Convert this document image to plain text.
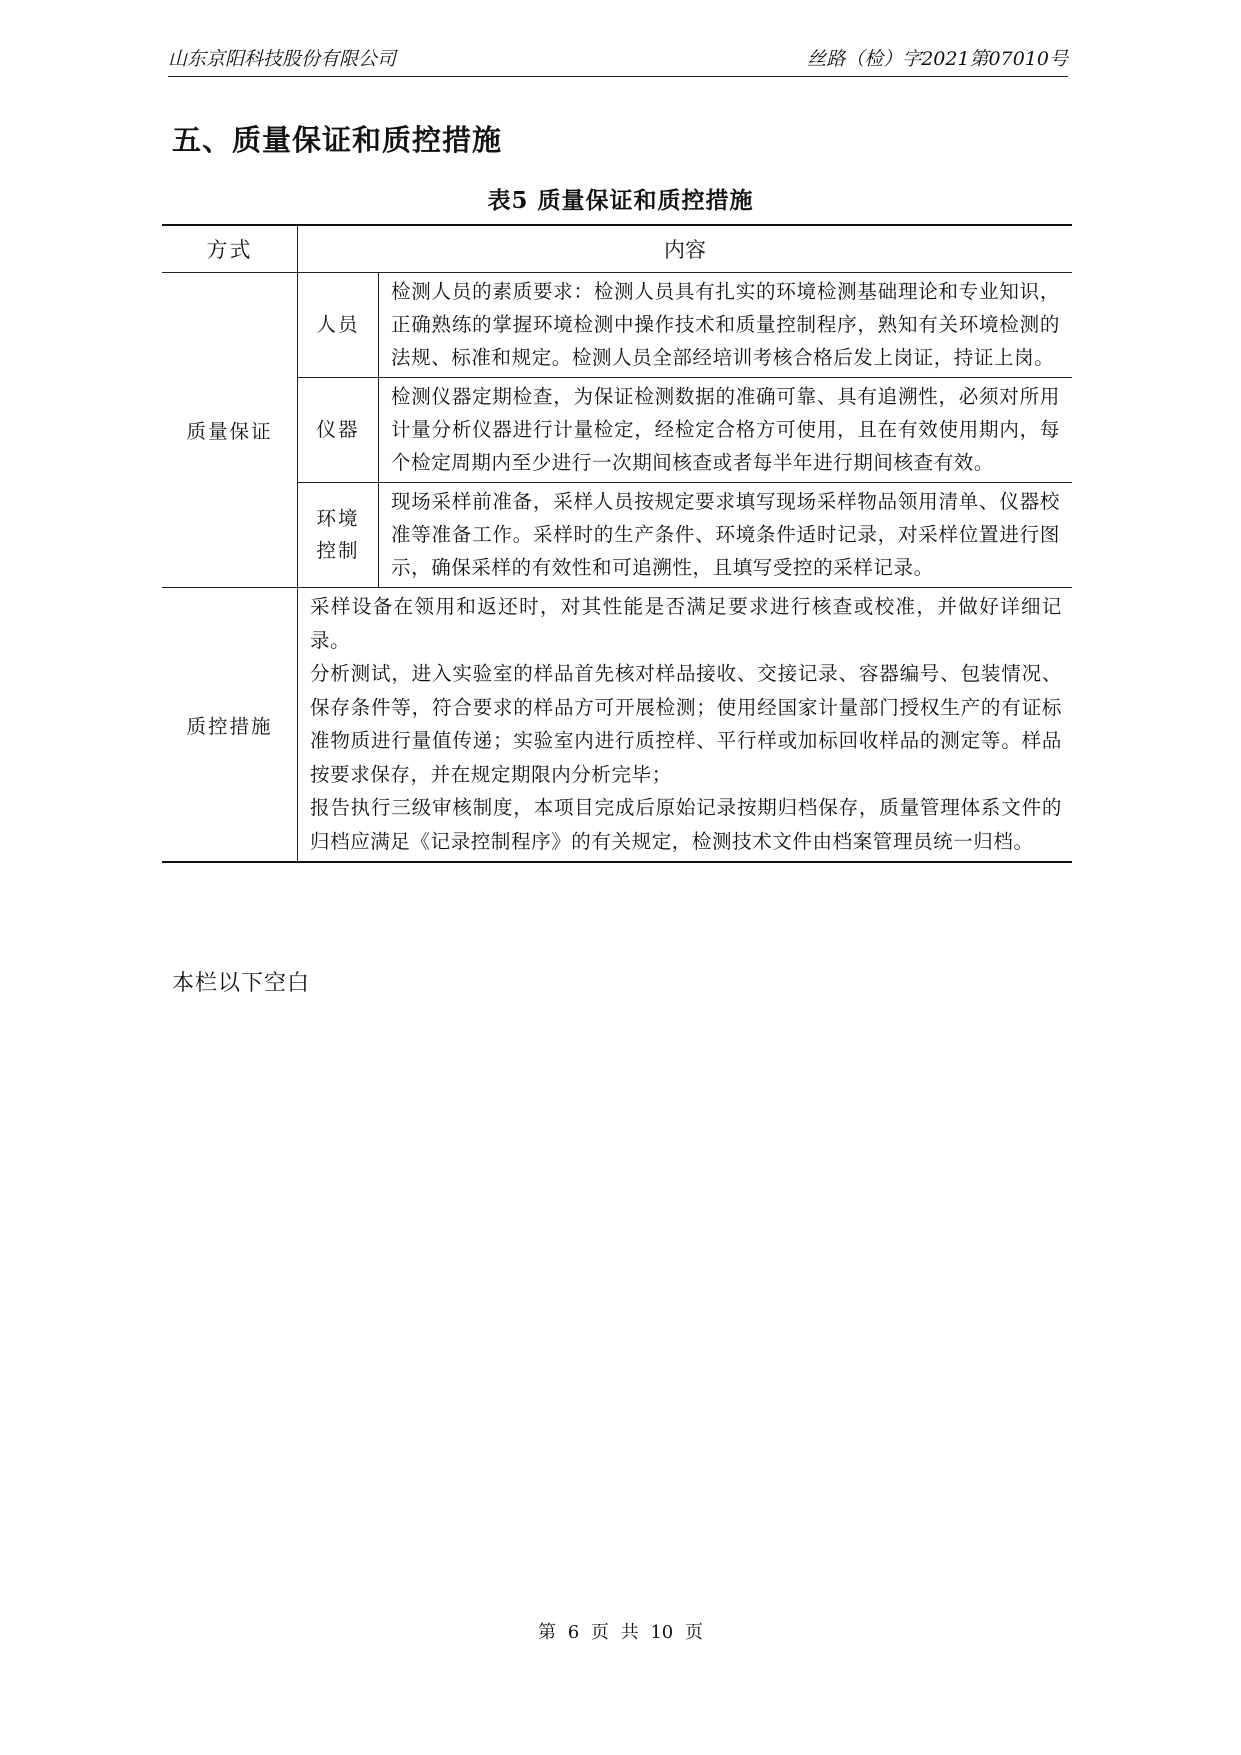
山东京阳科技股份有限公司	丝路（检）字2021第07010号
五、质量保证和质控措施
表5 质量保证和质控措施
方式	内容	
质量保证	人员	检测人员的素质要求：检测人员具有扎实的环境检测基础理论和专业知识，正确熟练的掌握环境检测中操作技术和质量控制程序，熟知有关环境检测的法规、标准和规定。检测人员全部经培训考核合格后发上岗证，持证上岗。

	仪器	检测仪器定期检查，为保证检测数据的准确可靠、具有追溯性，必须对所用计量分析仪器进行计量检定，经检定合格方可使用，且在有效使用期内，每个检定周期内至少进行一次期间核查或者每半年进行期间核查有效。

	环境
控制	现场采样前准备，采样人员按规定要求填写现场采样物品领用清单、仪器校准等准备工作。采样时的生产条件、环境条件适时记录，对采样位置进行图示，确保采样的有效性和可追溯性，且填写受控的采样记录。
质控措施	采样设备在领用和返还时，对其性能是否满足要求进行核查或校准，并做好详细记录。

分析测试，进入实验室的样品首先核对样品接收、交接记录、容器编号、包装情况、保存条件等，符合要求的样品方可开展检测；使用经国家计量部门授权生产的有证标准物质进行量值传递；实验室内进行质控样、平行样或加标回收样品的测定等。样品按要求保存，并在规定期限内分析完毕；

报告执行三级审核制度，本项目完成后原始记录按期归档保存，质量管理体系文件的归档应满足《记录控制程序》的有关规定，检测技术文件由档案管理员统一归档。	

本栏以下空白
第 6 页 共 10 页
